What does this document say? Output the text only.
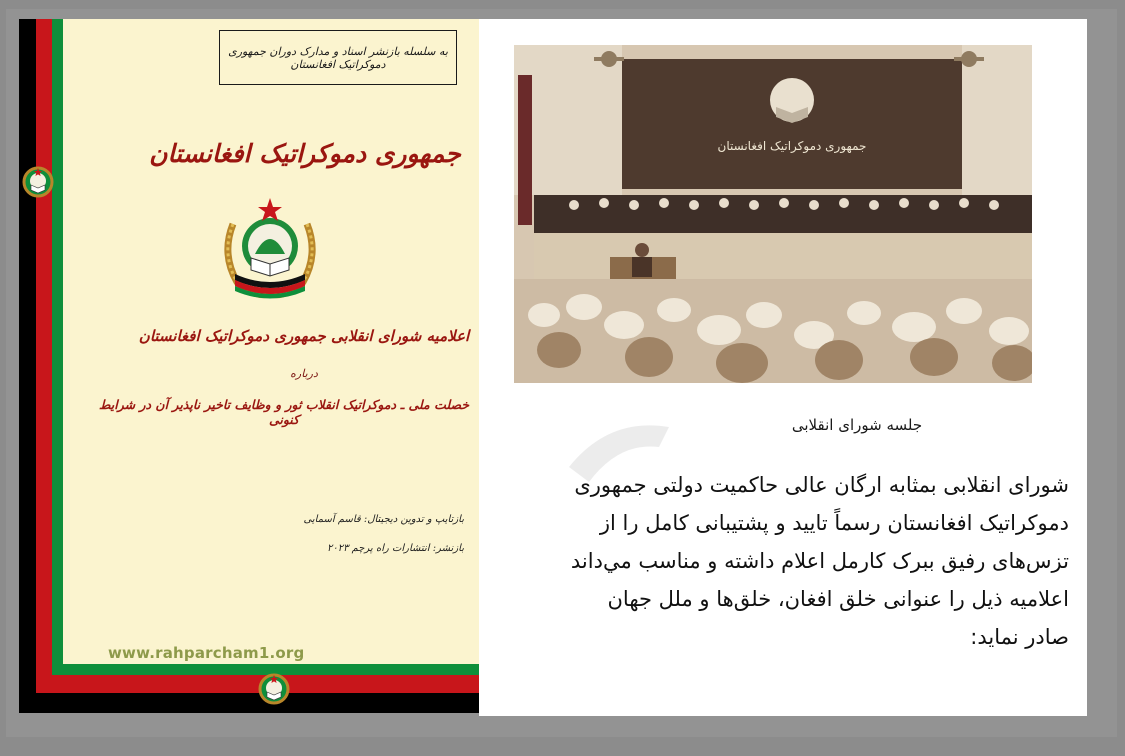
به سلسله بازنشر اسناد و مدارک دوران جمهوری دموکراتیک افغانستان
جمهوری دموکراتیک افغانستان
اعلامیه شورای انقلابی جمهوری دموکراتیک افغانستان
درباره
خصلت ملی ـ دموکراتیک انقلاب ثور و وظایف تاخیر ناپذیر آن در شرایط کنونی
بازتایپ و تدوین دیجیتال: قاسم آسمایی
بازنشر: انتشارات راه پرچم ۲۰۲۳
www.rahparcham1.org
جمهوری دموکراتیک افغانستان
جلسه شورای انقلابی
شورای انقلابی بمثابه ارگان عالی حاکمیت دولتی جمهوری
دموکراتیک افغانستان رسماً تایید و پشتیبانی کامل را از
تزس‌های رفیق ببرک کارمل اعلام داشته و مناسب مي‌داند
اعلامیه ذیل را عنوانی خلق افغان، خلق‌ها و ملل جهان
صادر نماید:
